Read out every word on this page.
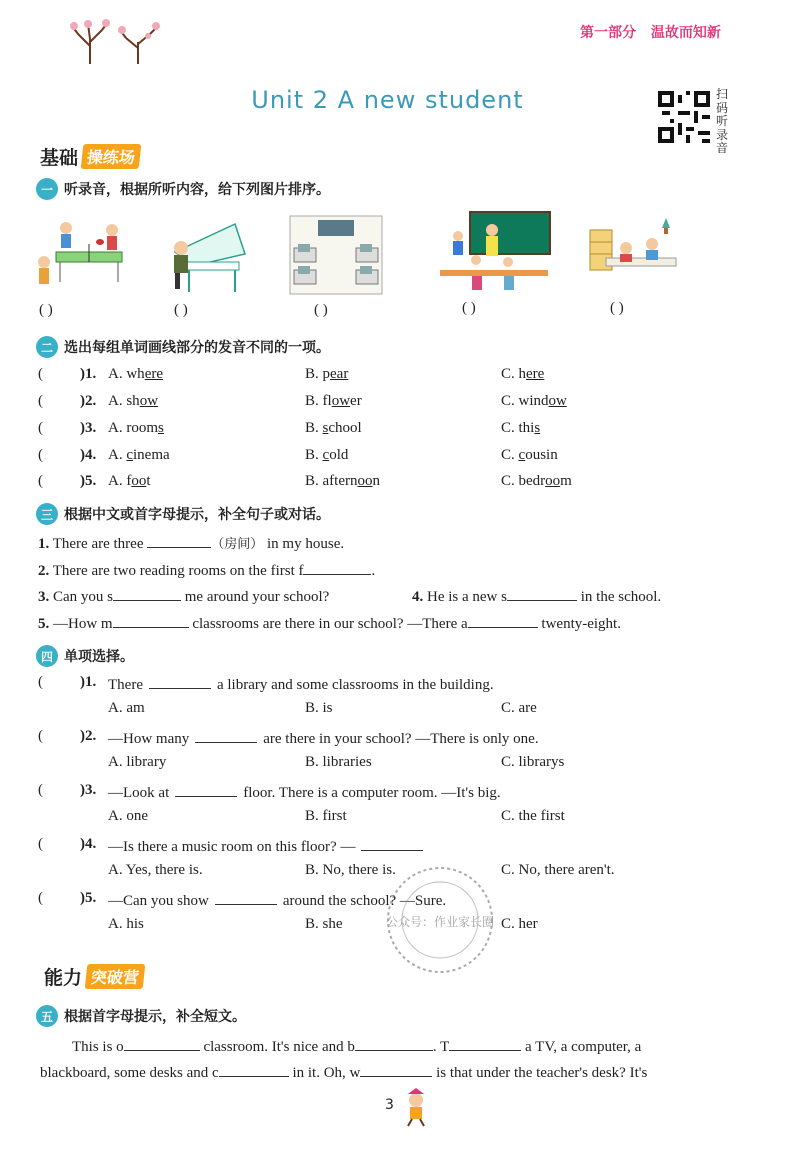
第一部分 温故而知新
Unit 2 A new student	扫码听录音
基础 操练场
一 听录音，根据所听内容，给下列图片排序。
( )	( )	( )	( )	( )
二 选出每组单词画线部分的发音不同的一项。
( )1. A. where	B. pear	C. here
( )2. A. show	B. flower	C. window
( )3. A. rooms	B. school	C. this
( )4. A. cinema	B. cold	C. cousin
( )5. A. foot	B. afternoon	C. bedroom
三 根据中文或首字母提示，补全句子或对话。
1. There are three	（房间） in my house.
2. There are two reading rooms on the first f	.
3. Can you s	me around your school?	4. He is a new s	in the school.
5. —How m	classrooms are there in our school? —There a	twenty-eight.
四 单项选择。
( )1. There	a library and some classrooms in the building.
A. am	B. is	C. are
( )2. —How many	are there in your school? —There is only one.
A. library	B. libraries	C. librarys
( )3. —Look at	floor. There is a computer room. —It's big.
A. one	B. first	C. the first
( )4. —Is there a music room on this floor? —
A. Yes, there is.	B. No, there is.	C. No, there aren't.
( )5. —Can you show	around the school? —Sure.
A. his	B. she	C. her
能力 突破营
五 根据首字母提示，补全短文。
This is o	classroom. It's nice and b	. T	a TV, a computer, a
blackboard, some desks and c	in it. Oh, w	is that under the teacher's desk? It's
公众号：作业家长圈
3
